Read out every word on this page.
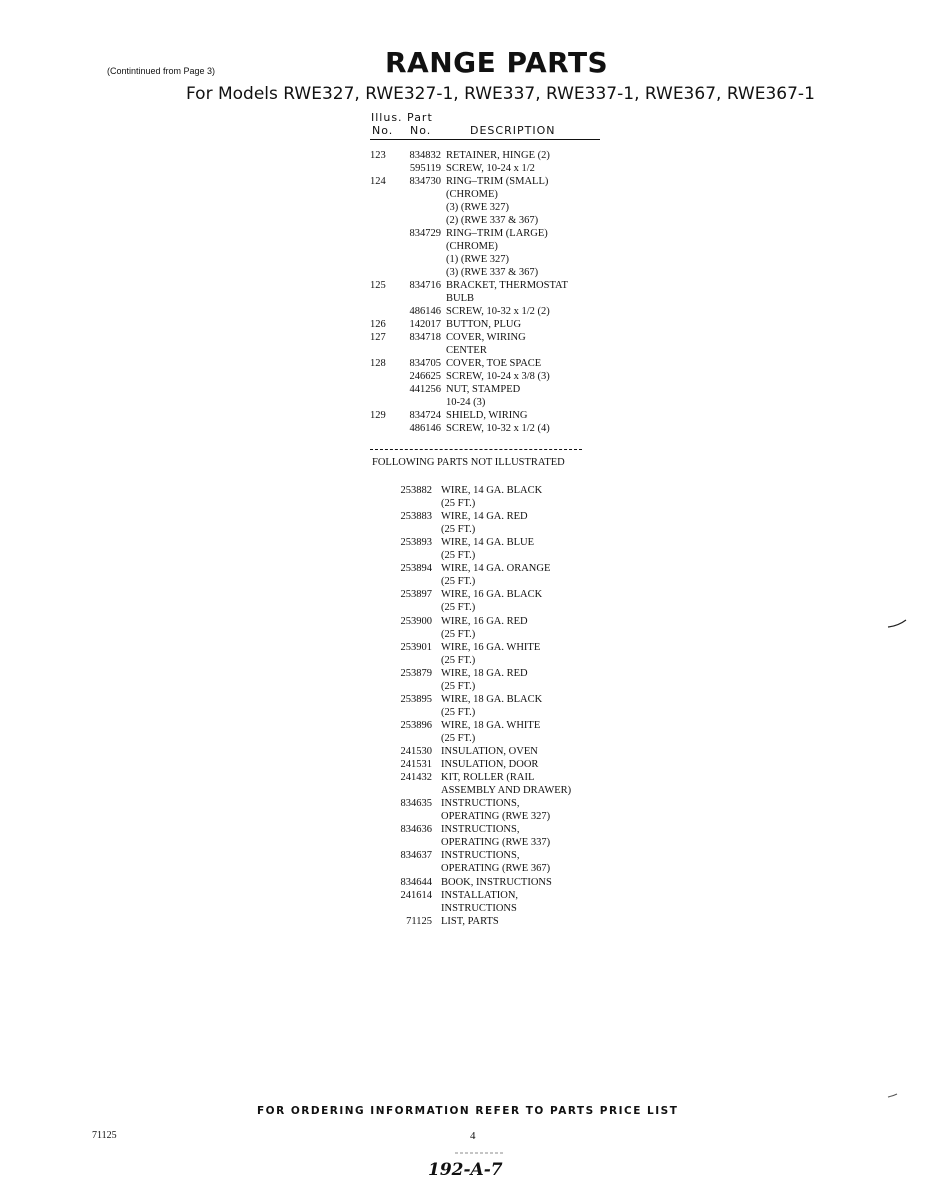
(Contintinued from Page 3)	RANGE PARTS
For Models RWE327, RWE327-1, RWE337, RWE337-1, RWE367, RWE367-1
Illus. Part
No. No.	DESCRIPTION
123	834832 RETAINER, HINGE (2)
595119 SCREW, 10-24 x 1/2
124	834730 RING–TRIM (SMALL)
(CHROME)
(3) (RWE 327)
(2) (RWE 337 & 367)
834729 RING–TRIM (LARGE)
(CHROME)
(1) (RWE 327)
(3) (RWE 337 & 367)
125	834716 BRACKET, THERMOSTAT
BULB
486146 SCREW, 10-32 x 1/2 (2)
126	142017 BUTTON, PLUG
127	834718 COVER, WIRING
CENTER
128	834705 COVER, TOE SPACE
246625 SCREW, 10-24 x 3/8 (3)
441256 NUT, STAMPED
10-24 (3)
129	834724 SHIELD, WIRING
486146 SCREW, 10-32 x 1/2 (4)
FOLLOWING PARTS NOT ILLUSTRATED
253882 WIRE, 14 GA. BLACK
(25 FT.)
253883 WIRE, 14 GA. RED
(25 FT.)
253893 WIRE, 14 GA. BLUE
(25 FT.)
253894 WIRE, 14 GA. ORANGE
(25 FT.)
253897 WIRE, 16 GA. BLACK
(25 FT.)
253900 WIRE, 16 GA. RED
(25 FT.)
253901 WIRE, 16 GA. WHITE
(25 FT.)
253879 WIRE, 18 GA. RED
(25 FT.)
253895 WIRE, 18 GA. BLACK
(25 FT.)
253896 WIRE, 18 GA. WHITE
(25 FT.)
241530 INSULATION, OVEN
241531 INSULATION, DOOR
241432 KIT, ROLLER (RAIL
ASSEMBLY AND DRAWER)
834635 INSTRUCTIONS,
OPERATING (RWE 327)
834636 INSTRUCTIONS,
OPERATING (RWE 337)
834637 INSTRUCTIONS,
OPERATING (RWE 367)
834644 BOOK, INSTRUCTIONS
241614 INSTALLATION,
INSTRUCTIONS
71125 LIST, PARTS
FOR ORDERING INFORMATION REFER TO PARTS PRICE LIST
71125	4
192-A-7
